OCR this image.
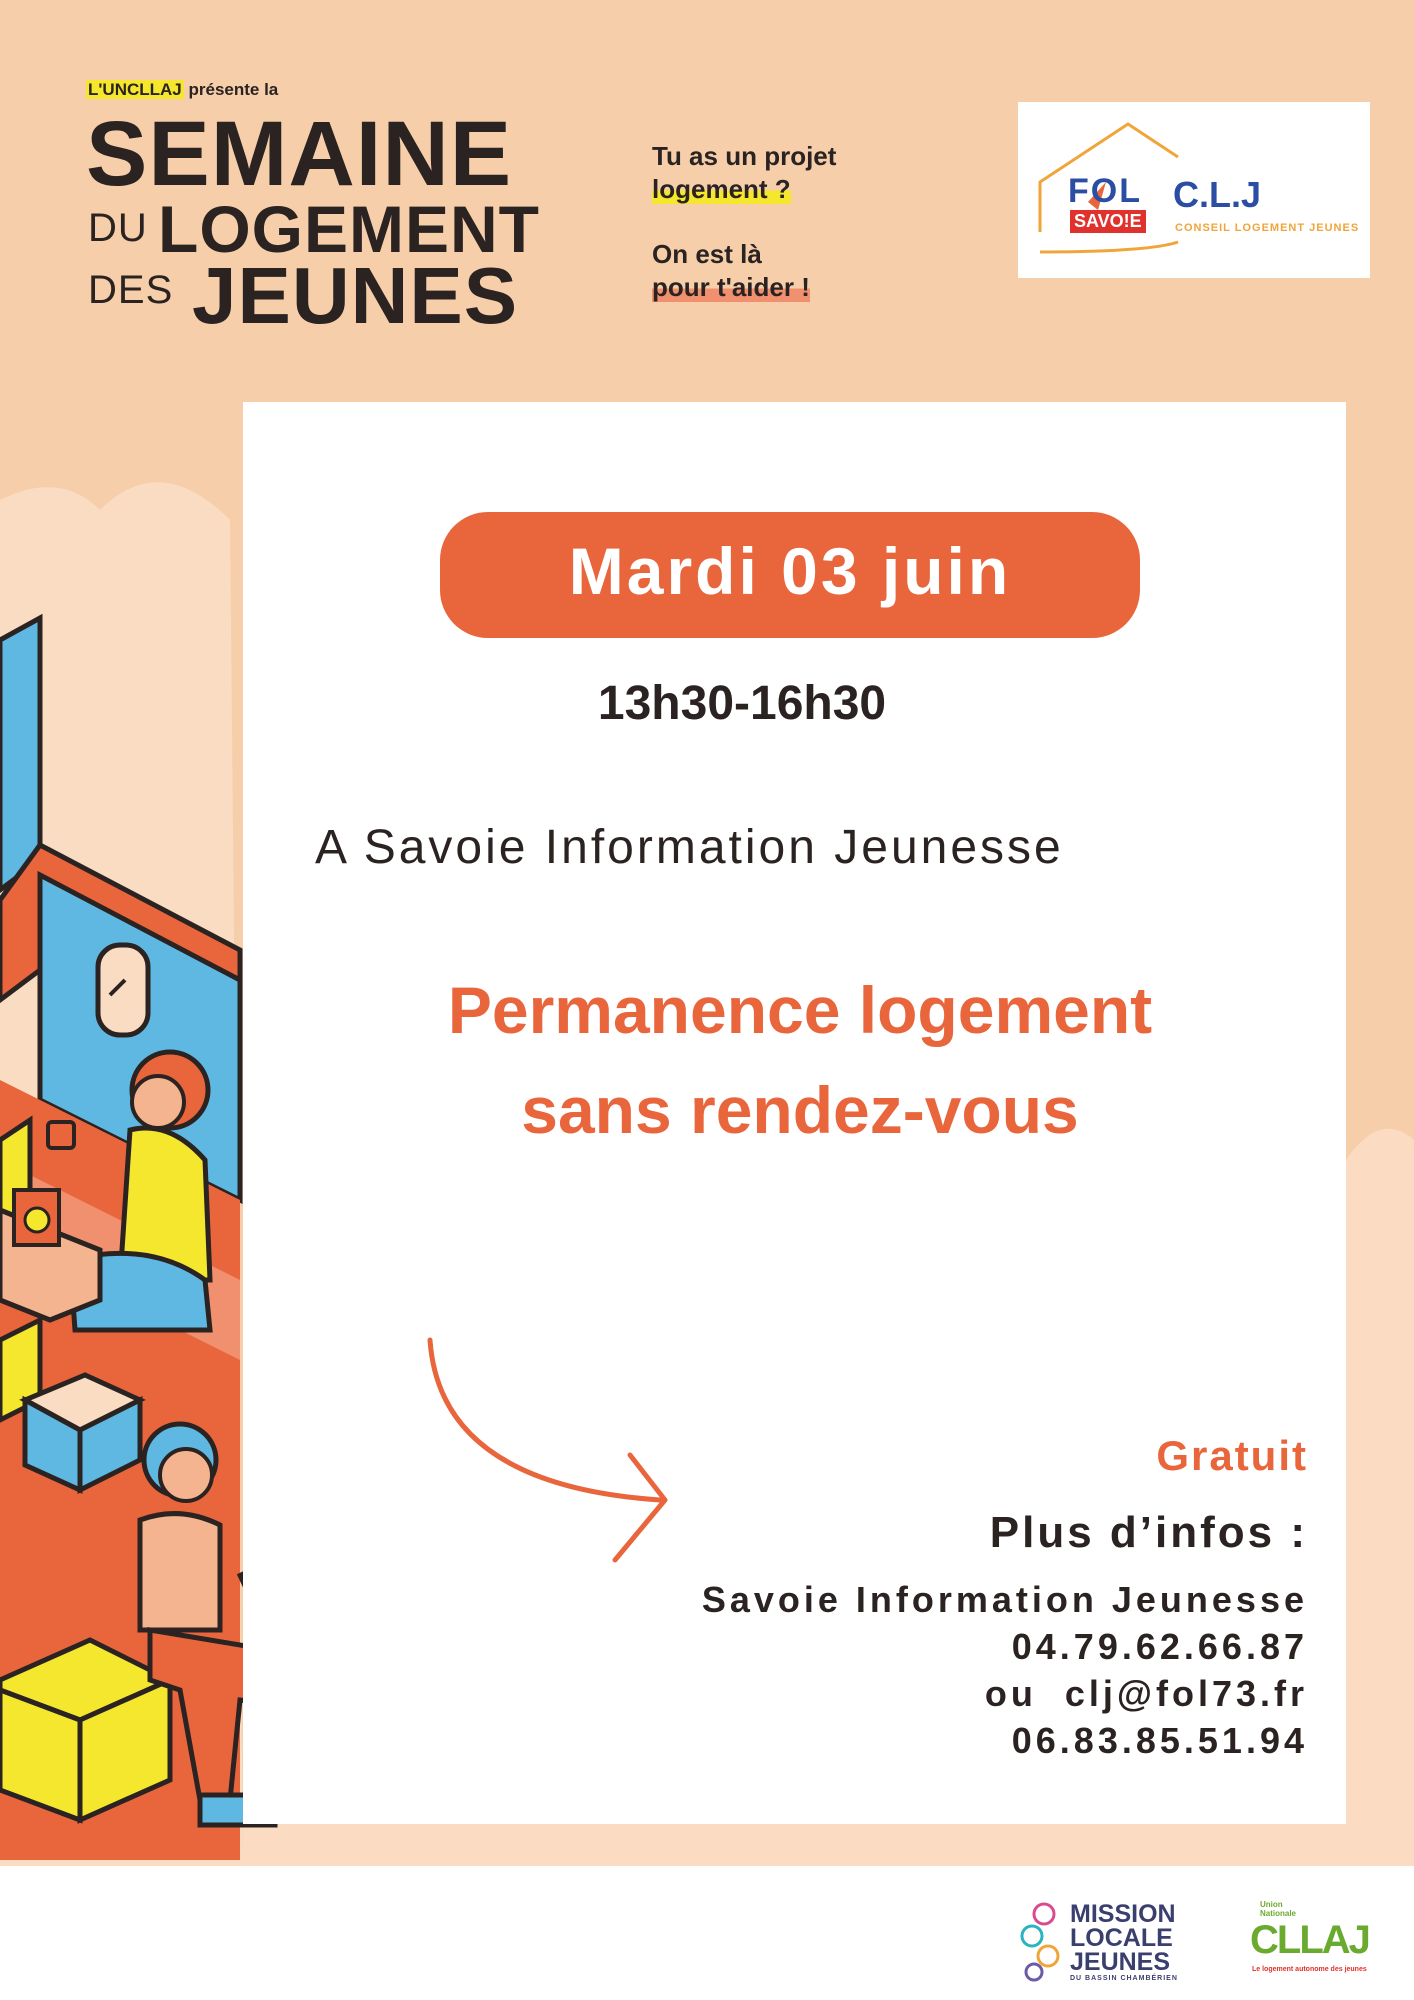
L'UNCLLAJ présente la
SEMAINE
DU LOGEMENT
DES JEUNES
Tu as un projet
logement ?
On est là
pour t'aider !
FOL
SAVO!E
C.L.J
CONSEIL LOGEMENT JEUNES
Mardi 03 juin
13h30-16h30
A Savoie Information Jeunesse
Permanence logement
sans rendez-vous
Gratuit
Plus d’infos :
Savoie Information Jeunesse
04.79.62.66.87
ou  clj@fol73.fr
06.83.85.51.94
MISSION
LOCALE
JEUNES
DU BASSIN CHAMBÉRIEN
Union Nationale
CLLAJ
Le logement autonome des jeunes
